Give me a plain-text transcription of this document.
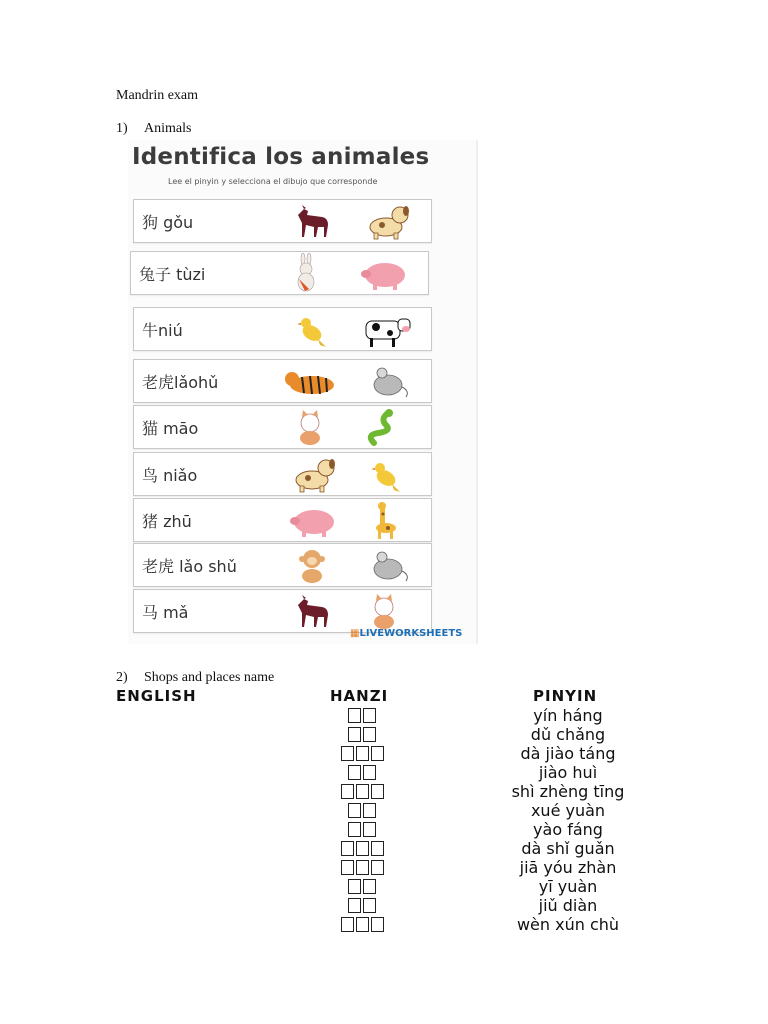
Mandrin exam
1) Animals
Identifica los animales
Lee el pinyin y selecciona el dibujo que corresponde
狗 gǒu
兔子 tùzi
牛niú
老虎lǎohǔ
猫 māo
鸟 niǎo
猪 zhū
老虎 lǎo shǔ
马 mǎ
▦LIVEWORKSHEETS
2) Shops and places name
ENGLISH	HANZI	PINYIN
yín háng
dǔ chǎng
dà jiào táng
jiào huì
shì zhèng tīng
xué yuàn
yào fáng
dà shǐ guǎn
jiā yóu zhàn
yī yuàn
jiǔ diàn
wèn xún chù
